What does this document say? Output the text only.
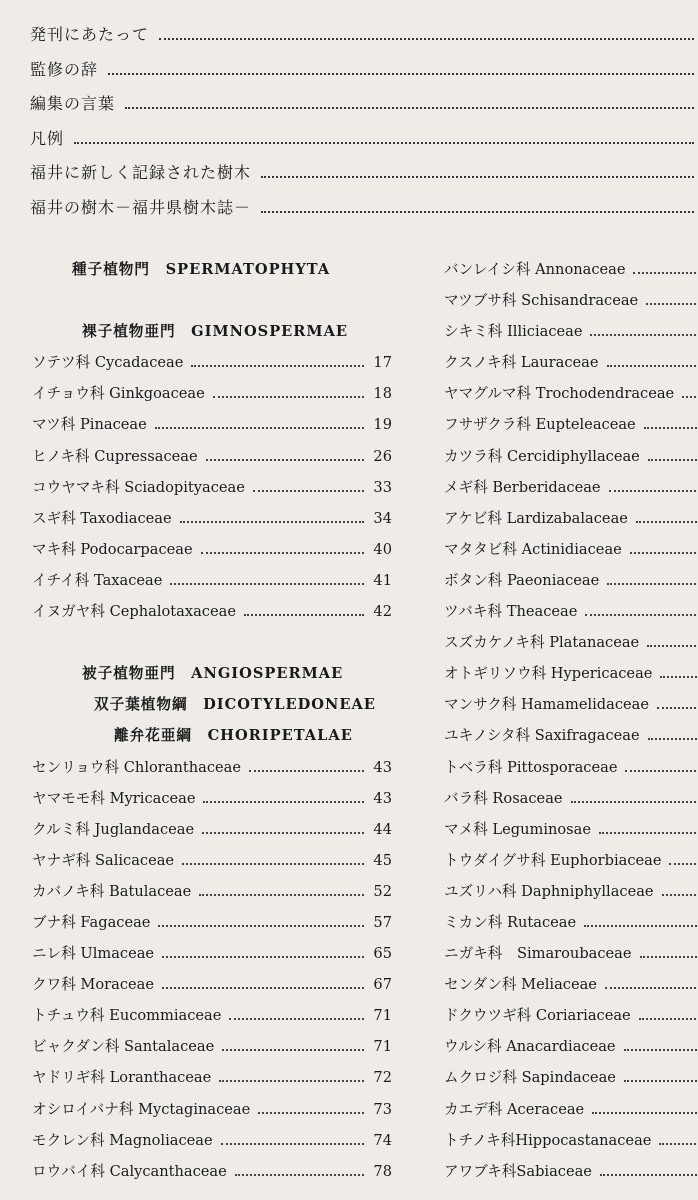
発刊にあたって
監修の辞
編集の言葉
凡例
福井に新しく記録された樹木
福井の樹木－福井県樹木誌－
種子植物門　SPERMATOPHYTA
裸子植物亜門　GIMNOSPERMAE
ソテツ科 Cycadaceae	17
イチョウ科 Ginkgoaceae	18
マツ科 Pinaceae	19
ヒノキ科 Cupressaceae	26
コウヤマキ科 Sciadopityaceae	33
スギ科 Taxodiaceae	34
マキ科 Podocarpaceae	40
イチイ科 Taxaceae	41
イヌガヤ科 Cephalotaxaceae	42
被子植物亜門　ANGIOSPERMAE
双子葉植物綱　DICOTYLEDONEAE
離弁花亜綱　CHORIPETALAE
センリョウ科 Chloranthaceae	43
ヤマモモ科 Myricaceae	43
クルミ科 Juglandaceae	44
ヤナギ科 Salicaceae	45
カバノキ科 Batulaceae	52
ブナ科 Fagaceae	57
ニレ科 Ulmaceae	65
クワ科 Moraceae	67
トチュウ科 Eucommiaceae	71
ビャクダン科 Santalaceae	71
ヤドリギ科 Loranthaceae	72
オシロイバナ科 Myctaginaceae	73
モクレン科 Magnoliaceae	74
ロウバイ科 Calycanthaceae	78
バンレイシ科 Annonaceae
マツブサ科 Schisandraceae
シキミ科 Illiciaceae
クスノキ科 Lauraceae
ヤマグルマ科 Trochodendraceae
フサザクラ科 Eupteleaceae
カツラ科 Cercidiphyllaceae
メギ科 Berberidaceae
アケビ科 Lardizabalaceae
マタタビ科 Actinidiaceae
ボタン科 Paeoniaceae
ツバキ科 Theaceae
スズカケノキ科 Platanaceae
オトギリソウ科 Hypericaceae
マンサク科 Hamamelidaceae
ユキノシタ科 Saxifragaceae
トベラ科 Pittosporaceae
バラ科 Rosaceae
マメ科 Leguminosae
トウダイグサ科 Euphorbiaceae
ユズリハ科 Daphniphyllaceae
ミカン科 Rutaceae
ニガキ科　Simaroubaceae
センダン科 Meliaceae
ドクウツギ科 Coriariaceae
ウルシ科 Anacardiaceae
ムクロジ科 Sapindaceae
カエデ科 Aceraceae
トチノキ科Hippocastanaceae
アワブキ科Sabiaceae
